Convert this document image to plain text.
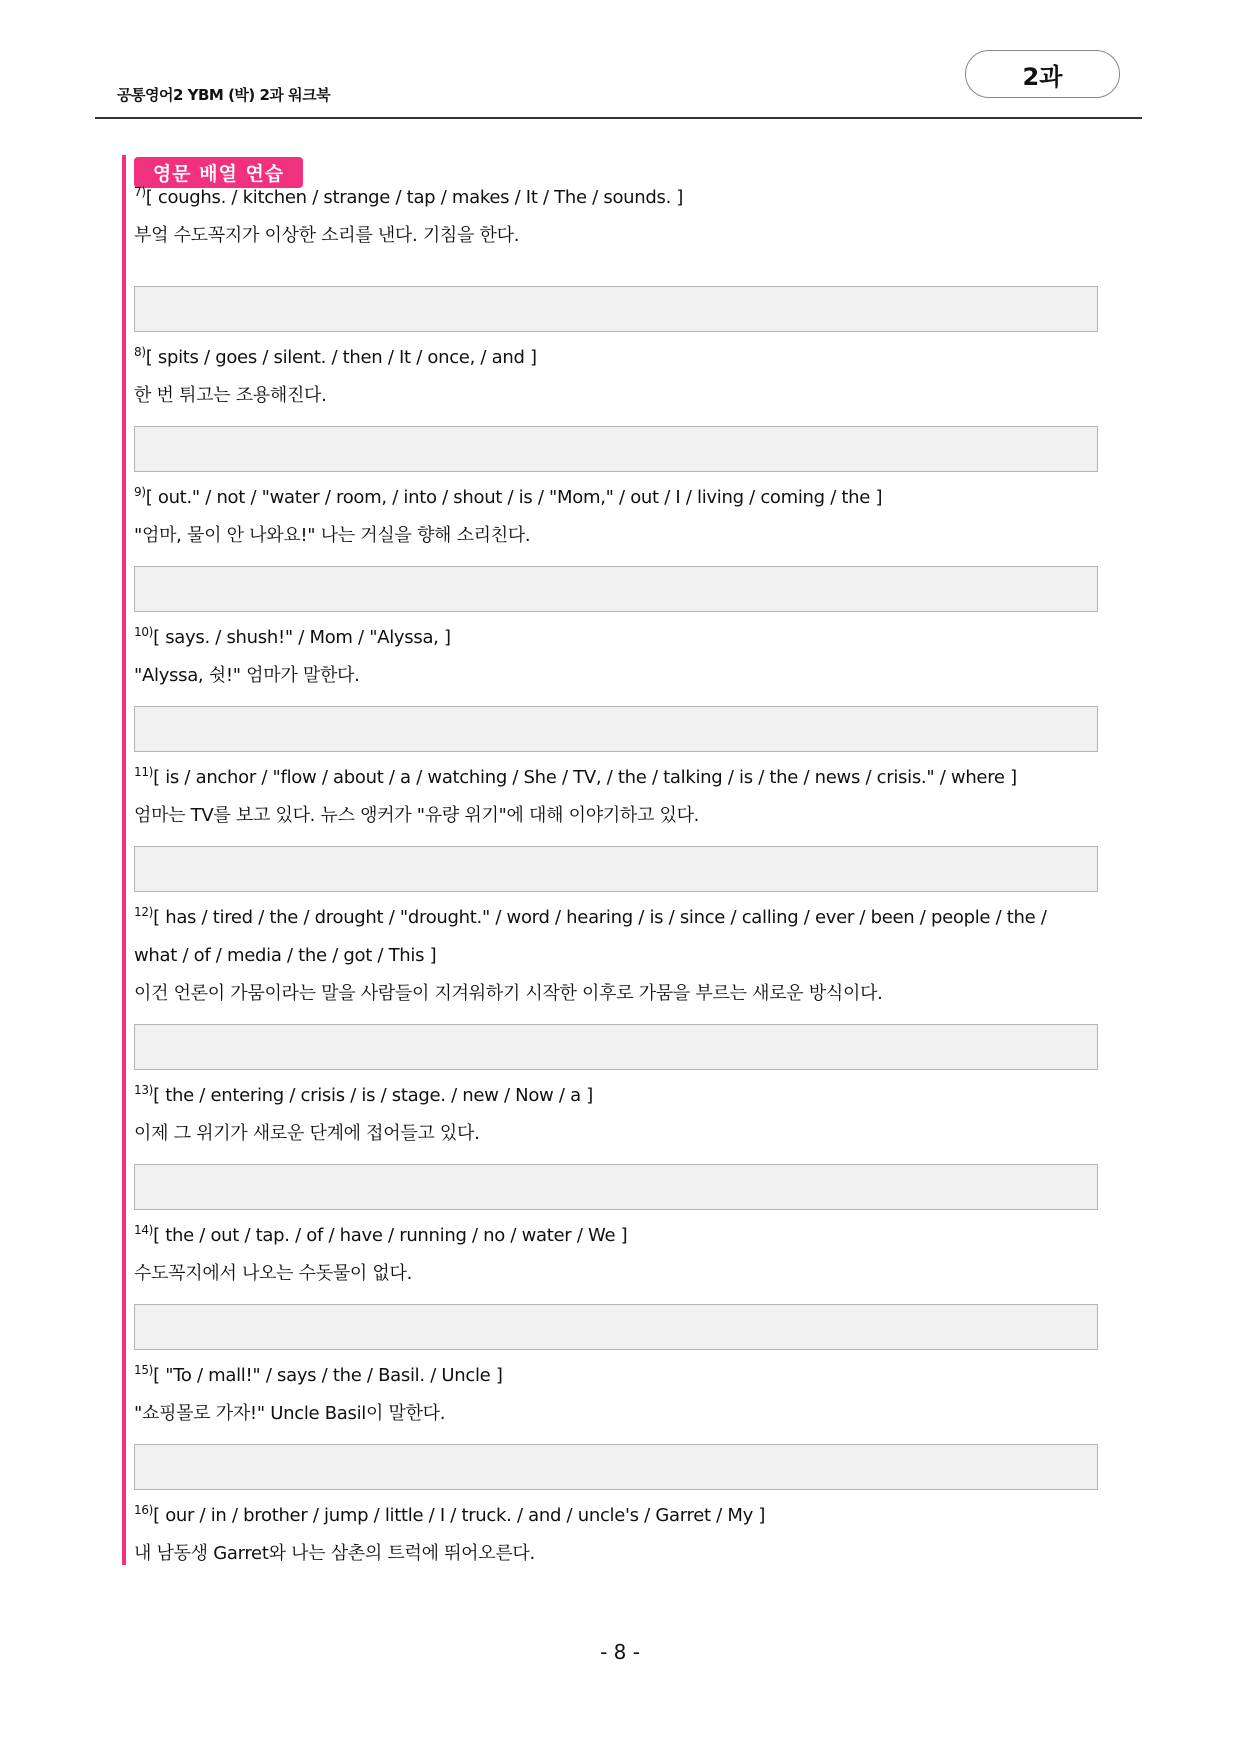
공통영어2 YBM (박) 2과 워크북
2과
영문 배열 연습
$^{7)}$[ coughs. / kitchen / strange / tap / makes / It / The / sounds. ]
부엌 수도꼭지가 이상한 소리를 낸다. 기침을 한다.
$^{8)}$[ spits / goes / silent. / then / It / once, / and ]
한 번 튀고는 조용해진다.
$^{9)}$[ out." / not / "water / room, / into / shout / is / "Mom," / out / I / living / coming / the ]
"엄마, 물이 안 나와요!" 나는 거실을 향해 소리친다.
$^{10)}$[ says. / shush!" / Mom / "Alyssa, ]
"Alyssa, 쉿!" 엄마가 말한다.
$^{11)}$[ is / anchor / "flow / about / a / watching / She / TV, / the / talking / is / the / news / crisis." / where ]
엄마는 TV를 보고 있다. 뉴스 앵커가 "유량 위기"에 대해 이야기하고 있다.
$^{12)}$[ has / tired / the / drought / "drought." / word / hearing / is / since / calling / ever / been / people / the /
what / of / media / the / got / This ]
이건 언론이 가뭄이라는 말을 사람들이 지겨워하기 시작한 이후로 가뭄을 부르는 새로운 방식이다.
$^{13)}$[ the / entering / crisis / is / stage. / new / Now / a ]
이제 그 위기가 새로운 단계에 접어들고 있다.
$^{14)}$[ the / out / tap. / of / have / running / no / water / We ]
수도꼭지에서 나오는 수돗물이 없다.
$^{15)}$[ "To / mall!" / says / the / Basil. / Uncle ]
"쇼핑몰로 가자!" Uncle Basil이 말한다.
$^{16)}$[ our / in / brother / jump / little / I / truck. / and / uncle's / Garret / My ]
내 남동생 Garret와 나는 삼촌의 트럭에 뛰어오른다.
- 8 -
